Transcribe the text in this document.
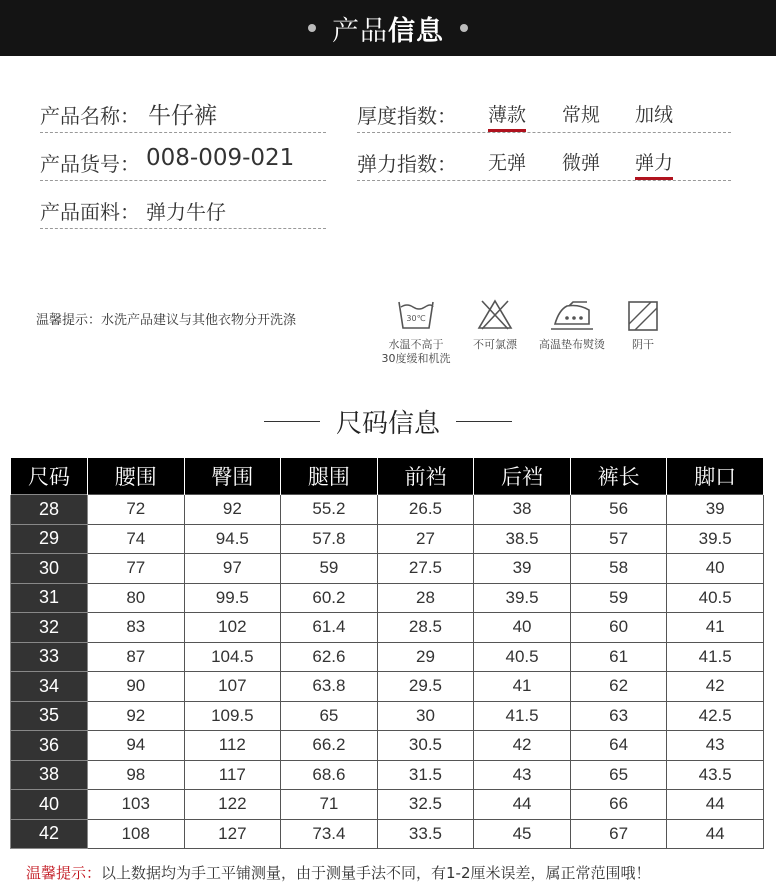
产品 信息
产品名称： 牛仔裤
产品货号： 008-009-021
产品面料： 弹力牛仔
厚度指数： 薄款 常规 加绒
弹力指数： 无弹 微弹 弹力
温馨提示：水洗产品建议与其他衣物分开洗涤	30℃
水温不高于
30度缓和机洗
不可氯漂	高温垫布熨烫	阴干
尺码信息
尺码	腰围	臀围	腿围	前裆	后裆	裤长	脚口
28	72	92	55.2	26.5	38	56	39
29	74	94.5	57.8	27	38.5	57	39.5
30	77	97	59	27.5	39	58	40
31	80	99.5	60.2	28	39.5	59	40.5
32	83	102	61.4	28.5	40	60	41
33	87	104.5	62.6	29	40.5	61	41.5
34	90	107	63.8	29.5	41	62	42
35	92	109.5	65	30	41.5	63	42.5
36	94	112	66.2	30.5	42	64	43
38	98	117	68.6	31.5	43	65	43.5
40	103	122	71	32.5	44	66	44
42	108	127	73.4	33.5	45	67	44
温馨提示：以上数据均为手工平铺测量，由于测量手法不同，有1-2厘米误差，属正常范围哦！
